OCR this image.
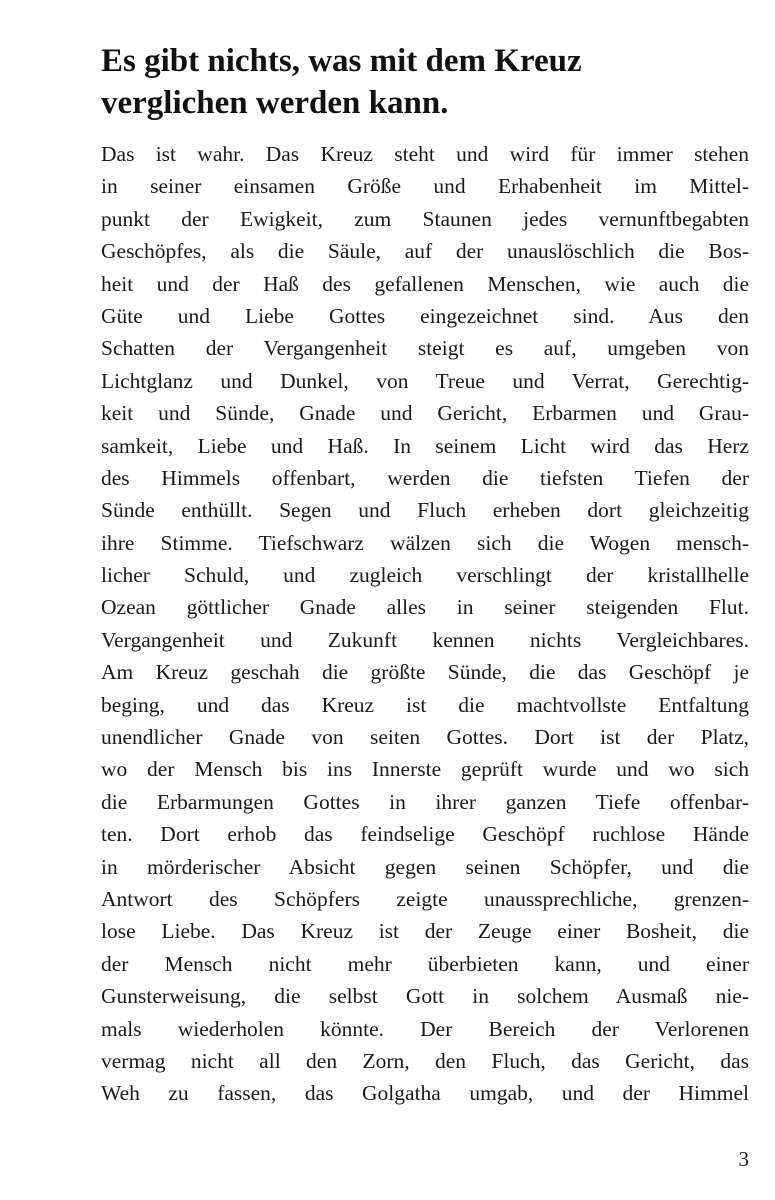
Es gibt nichts, was mit dem Kreuz
verglichen werden kann.
Das ist wahr. Das Kreuz steht und wird für immer stehen
in seiner einsamen Größe und Erhabenheit im Mittel-
punkt der Ewigkeit, zum Staunen jedes vernunftbegabten
Geschöpfes, als die Säule, auf der unauslöschlich die Bos-
heit und der Haß des gefallenen Menschen, wie auch die
Güte und Liebe Gottes eingezeichnet sind. Aus den
Schatten der Vergangenheit steigt es auf, umgeben von
Lichtglanz und Dunkel, von Treue und Verrat, Gerechtig-
keit und Sünde, Gnade und Gericht, Erbarmen und Grau-
samkeit, Liebe und Haß. In seinem Licht wird das Herz
des Himmels offenbart, werden die tiefsten Tiefen der
Sünde enthüllt. Segen und Fluch erheben dort gleichzeitig
ihre Stimme. Tiefschwarz wälzen sich die Wogen mensch-
licher Schuld, und zugleich verschlingt der kristallhelle
Ozean göttlicher Gnade alles in seiner steigenden Flut.
Vergangenheit und Zukunft kennen nichts Vergleichbares.
Am Kreuz geschah die größte Sünde, die das Geschöpf je
beging, und das Kreuz ist die machtvollste Entfaltung
unendlicher Gnade von seiten Gottes. Dort ist der Platz,
wo der Mensch bis ins Innerste geprüft wurde und wo sich
die Erbarmungen Gottes in ihrer ganzen Tiefe offenbar-
ten. Dort erhob das feindselige Geschöpf ruchlose Hände
in mörderischer Absicht gegen seinen Schöpfer, und die
Antwort des Schöpfers zeigte unaussprechliche, grenzen-
lose Liebe. Das Kreuz ist der Zeuge einer Bosheit, die
der Mensch nicht mehr überbieten kann, und einer
Gunsterweisung, die selbst Gott in solchem Ausmaß nie-
mals wiederholen könnte. Der Bereich der Verlorenen
vermag nicht all den Zorn, den Fluch, das Gericht, das
Weh zu fassen, das Golgatha umgab, und der Himmel
3
